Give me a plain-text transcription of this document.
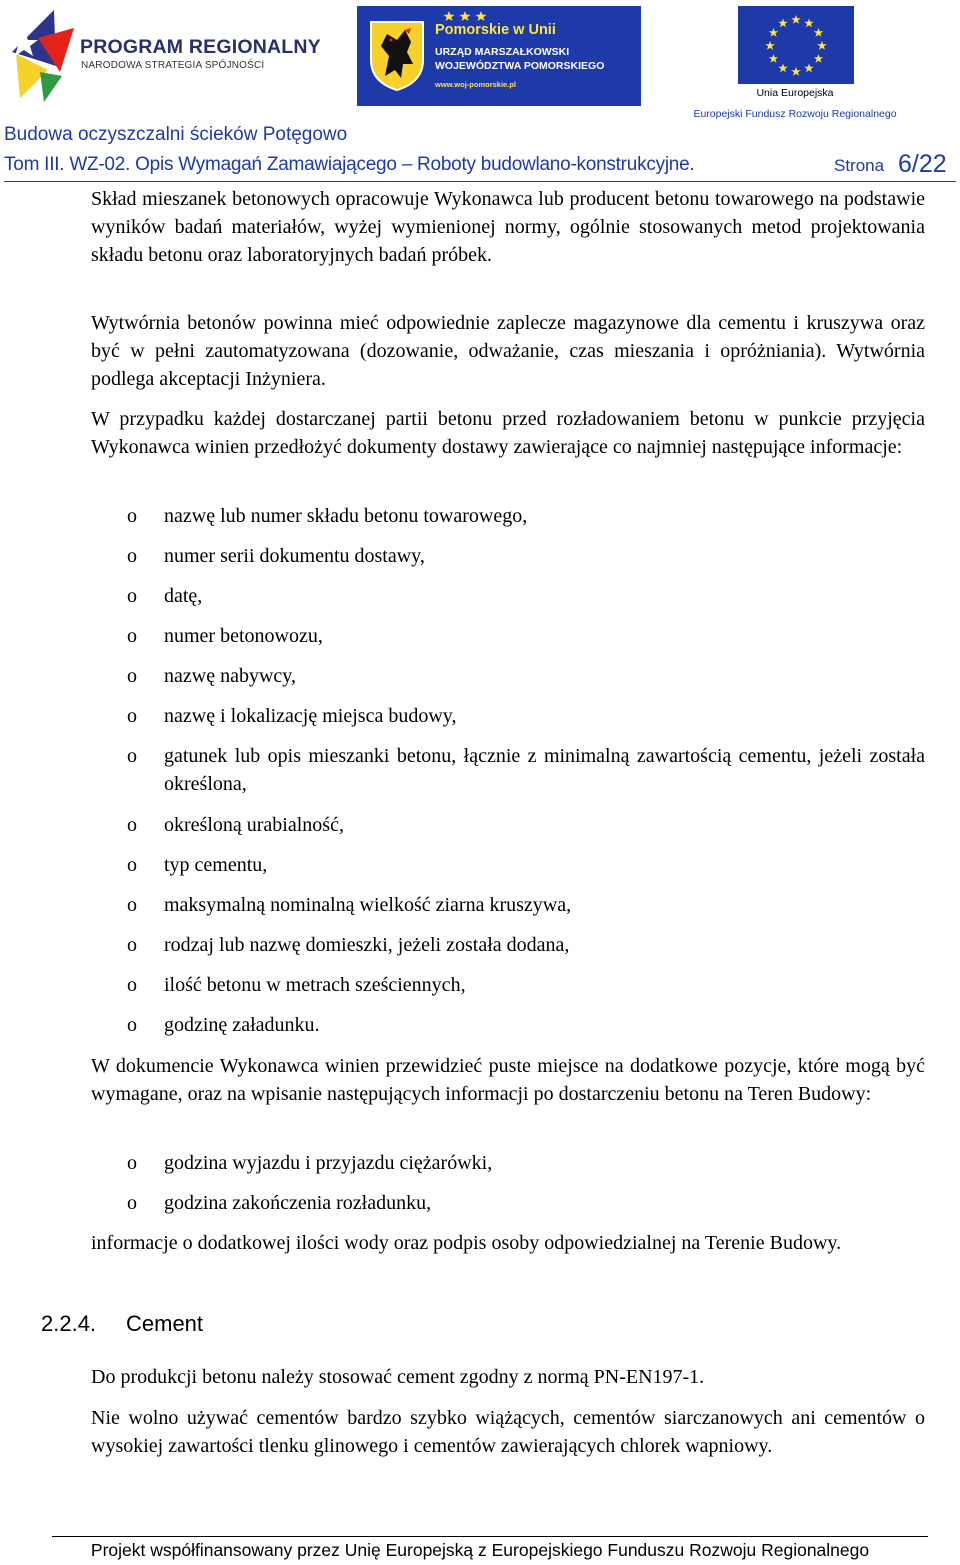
PROGRAM REGIONALNY
NARODOWA STRATEGIA SPÓJNOŚCI
Pomorskie w Unii
URZĄD MARSZAŁKOWSKI
WOJEWÓDZTWA POMORSKIEGO
www.woj-pomorskie.pl
Unia Europejska
Europejski Fundusz Rozwoju Regionalnego
Budowa oczyszczalni ścieków Potęgowo
Tom III. WZ-02. Opis Wymagań Zamawiającego – Roboty budowlano-konstrukcyjne.	Strona 6/22
Skład mieszanek betonowych opracowuje Wykonawca lub producent betonu towarowego na podstawie wyników badań materiałów, wyżej wymienionej normy, ogólnie stosowanych metod projektowania składu betonu oraz laboratoryjnych badań próbek.
Wytwórnia betonów powinna mieć odpowiednie zaplecze magazynowe dla cementu i kruszywa oraz być w pełni zautomatyzowana (dozowanie, odważanie, czas mieszania i opróżniania). Wytwórnia podlega akceptacji Inżyniera.
W przypadku każdej dostarczanej partii betonu przed rozładowaniem betonu w punkcie przyjęcia Wykonawca winien przedłożyć dokumenty dostawy zawierające co najmniej następujące informacje:
o nazwę lub numer składu betonu towarowego,
o numer serii dokumentu dostawy,
o datę,
o numer betonowozu,
o nazwę nabywcy,
o nazwę i lokalizację miejsca budowy,
o gatunek lub opis mieszanki betonu, łącznie z minimalną zawartością cementu, jeżeli została określona,
o określoną urabialność,
o typ cementu,
o maksymalną nominalną wielkość ziarna kruszywa,
o rodzaj lub nazwę domieszki, jeżeli została dodana,
o ilość betonu w metrach sześciennych,
o godzinę załadunku.
W dokumencie Wykonawca winien przewidzieć puste miejsce na dodatkowe pozycje, które mogą być wymagane, oraz na wpisanie następujących informacji po dostarczeniu betonu na Teren Budowy:
o godzina wyjazdu i przyjazdu ciężarówki,
o godzina zakończenia rozładunku,
informacje o dodatkowej ilości wody oraz podpis osoby odpowiedzialnej na Terenie Budowy.
2.2.4. Cement
Do produkcji betonu należy stosować cement zgodny z normą PN-EN197-1.
Nie wolno używać cementów bardzo szybko wiążących, cementów siarczanowych ani cementów o wysokiej zawartości tlenku glinowego i cementów zawierających chlorek wapniowy.
Projekt współfinansowany przez Unię Europejską z Europejskiego Funduszu Rozwoju Regionalnego
